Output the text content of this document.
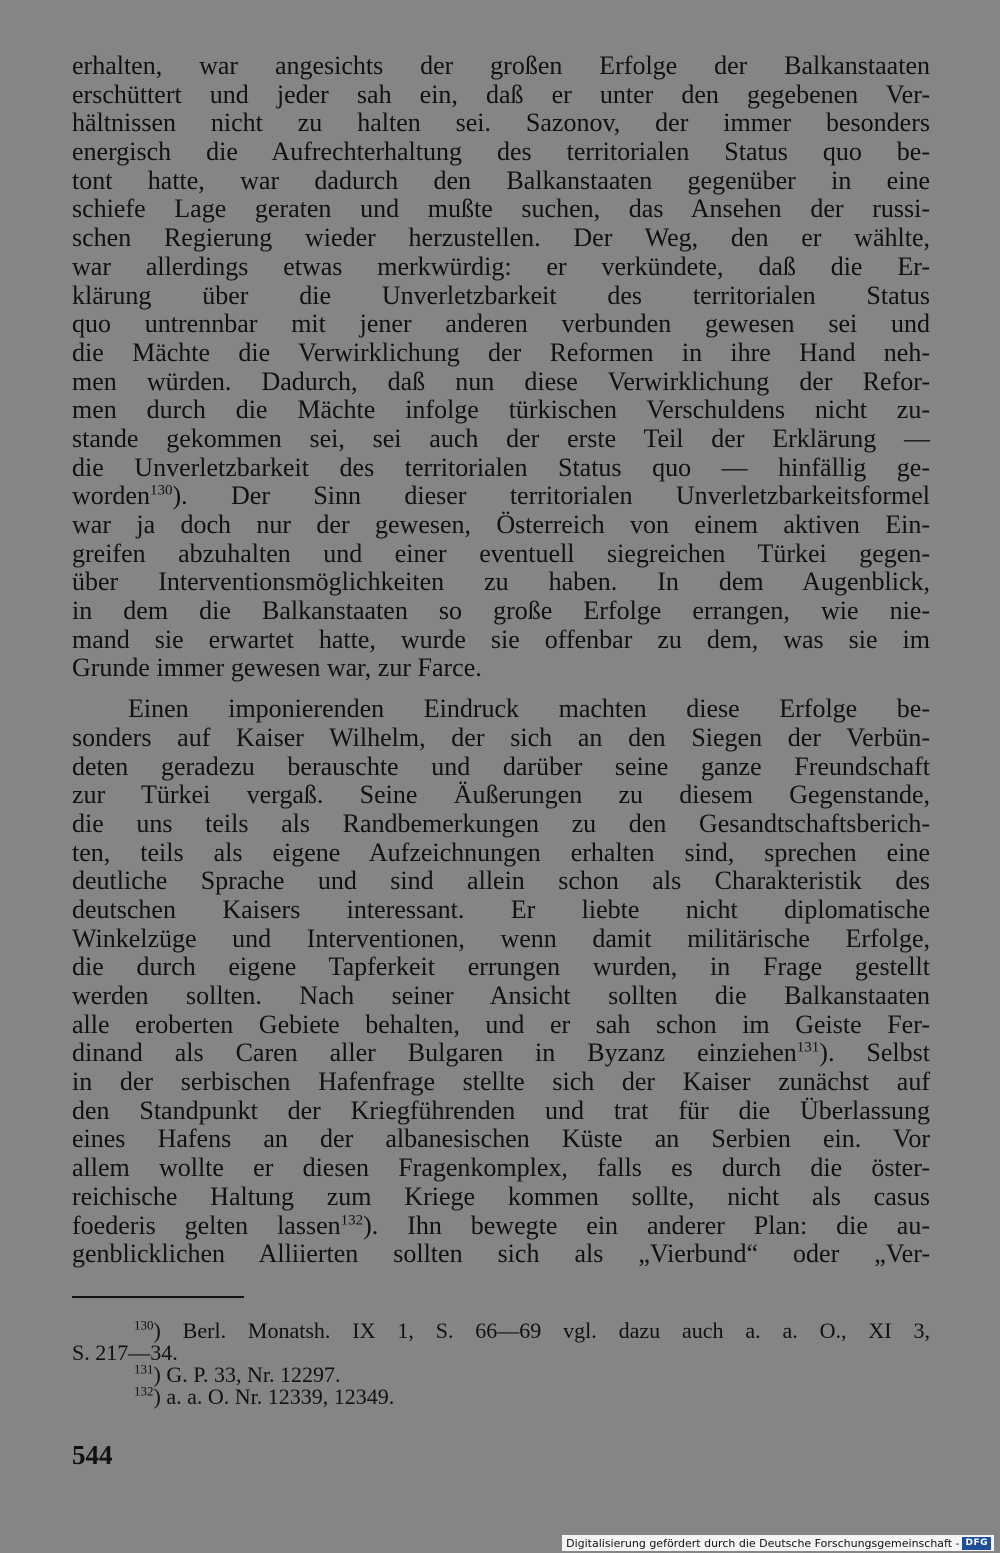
erhalten, war angesichts der großen Erfolge der Balkanstaaten
erschüttert und jeder sah ein, daß er unter den gegebenen Ver-
hältnissen nicht zu halten sei. Sazonov, der immer besonders
energisch die Aufrechterhaltung des territorialen Status quo be-
tont hatte, war dadurch den Balkanstaaten gegenüber in eine
schiefe Lage geraten und mußte suchen, das Ansehen der russi-
schen Regierung wieder herzustellen. Der Weg, den er wählte,
war allerdings etwas merkwürdig: er verkündete, daß die Er-
klärung über die Unverletzbarkeit des territorialen Status
quo untrennbar mit jener anderen verbunden gewesen sei und
die Mächte die Verwirklichung der Reformen in ihre Hand neh-
men würden. Dadurch, daß nun diese Verwirklichung der Refor-
men durch die Mächte infolge türkischen Verschuldens nicht zu-
stande gekommen sei, sei auch der erste Teil der Erklärung —
die Unverletzbarkeit des territorialen Status quo — hinfällig ge-
worden$^{130}$). Der Sinn dieser territorialen Unverletzbarkeitsformel
war ja doch nur der gewesen, Österreich von einem aktiven Ein-
greifen abzuhalten und einer eventuell siegreichen Türkei gegen-
über Interventionsmöglichkeiten zu haben. In dem Augenblick,
in dem die Balkanstaaten so große Erfolge errangen, wie nie-
mand sie erwartet hatte, wurde sie offenbar zu dem, was sie im
Grunde immer gewesen war, zur Farce.
Einen imponierenden Eindruck machten diese Erfolge be-
sonders auf Kaiser Wilhelm, der sich an den Siegen der Verbün-
deten geradezu berauschte und darüber seine ganze Freundschaft
zur Türkei vergaß. Seine Äußerungen zu diesem Gegenstande,
die uns teils als Randbemerkungen zu den Gesandtschaftsberich-
ten, teils als eigene Aufzeichnungen erhalten sind, sprechen eine
deutliche Sprache und sind allein schon als Charakteristik des
deutschen Kaisers interessant. Er liebte nicht diplomatische
Winkelzüge und Interventionen, wenn damit militärische Erfolge,
die durch eigene Tapferkeit errungen wurden, in Frage gestellt
werden sollten. Nach seiner Ansicht sollten die Balkanstaaten
alle eroberten Gebiete behalten, und er sah schon im Geiste Fer-
dinand als Caren aller Bulgaren in Byzanz einziehen$^{131}$). Selbst
in der serbischen Hafenfrage stellte sich der Kaiser zunächst auf
den Standpunkt der Kriegführenden und trat für die Überlassung
eines Hafens an der albanesischen Küste an Serbien ein. Vor
allem wollte er diesen Fragenkomplex, falls es durch die öster-
reichische Haltung zum Kriege kommen sollte, nicht als casus
foederis gelten lassen$^{132}$). Ihn bewegte ein anderer Plan: die au-
genblicklichen Alliierten sollten sich als „Vierbund“ oder „Ver-
$^{130}$) Berl. Monatsh. IX 1, S. 66—69 vgl. dazu auch a. a. O., XI 3,
S. 217—34.
$^{131}$) G. P. 33, Nr. 12297.
$^{132}$) a. a. O. Nr. 12339, 12349.
544
Digitalisierung gefördert durch die Deutsche Forschungsgemeinschaft - DFG
